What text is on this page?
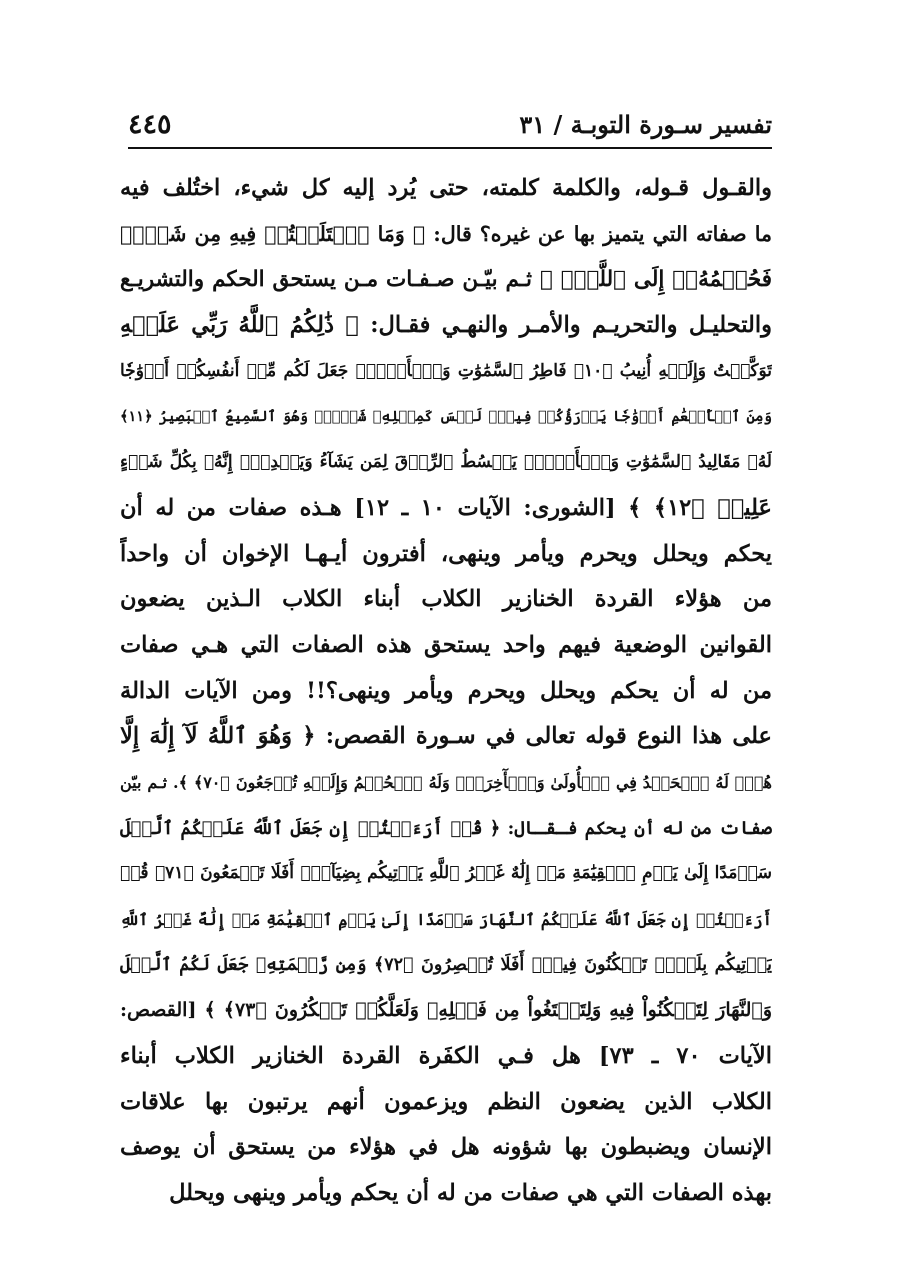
تفسير سـورة التوبـة / ٣١
٤٤٥
والقـول قـوله، والكلمة كلمته، حتى يُرد إليه كل شيء، اختُلف فيه
ما صفاته التي يتميز بها عن غيره؟ قال: ﴿ وَمَا ٱخۡتَلَفۡتُمۡ فِيهِ مِن شَيۡءٖ
فَحُكۡمُهُۥٓ إِلَى ٱللَّهِۚ ﴾ ثـم بيّـن صـفـات مـن يستحق الحكم والتشريـع
والتحليـل والتحريـم والأمـر والنهـي فقـال: ﴿ ذَٰلِكُمُ ٱللَّهُ رَبِّي عَلَيۡهِ
تَوَكَّلۡتُ وَإِلَيۡهِ أُنِيبُ ﴿١٠﴾ فَاطِرُ ٱلسَّمَٰوَٰتِ وَٱلۡأَرۡضِۚ جَعَلَ لَكُم مِّنۡ أَنفُسِكُمۡ أَزۡوَٰجٗا
وَمِنَ ٱلۡأَنۡعَٰمِ أَزۡوَٰجٗا يَذۡرَؤُكُمۡ فِيهِۚ لَيۡسَ كَمِثۡلِهِۦ شَيۡءٞۖ وَهُوَ ٱلسَّمِيعُ ٱلۡبَصِيرُ ﴿١١﴾
لَهُۥ مَقَالِيدُ ٱلسَّمَٰوَٰتِ وَٱلۡأَرۡضِۖ يَبۡسُطُ ٱلرِّزۡقَ لِمَن يَشَآءُ وَيَقۡدِرُۚ إِنَّهُۥ بِكُلِّ شَيۡءٍ
عَلِيمٞ ﴿١٢﴾ ﴾ [الشورى: الآيات ١٠ ـ ١٢] هـذه صفات من له أن
يحكم ويحلل ويحرم ويأمر وينهى، أفترون أيـهـا الإخوان أن واحداً
من هؤلاء القردة الخنازير الكلاب أبناء الكلاب الـذين يضعون
القوانين الوضعية فيهم واحد يستحق هذه الصفات التي هـي صفات
من له أن يحكم ويحلل ويحرم ويأمر وينهى؟!! ومن الآيات الدالة
على هذا النوع قوله تعالى في سـورة القصص: ﴿ وَهُوَ ٱللَّهُ لَآ إِلَٰهَ إِلَّا
هُوَۖ لَهُ ٱلۡحَمۡدُ فِي ٱلۡأُولَىٰ وَٱلۡأٓخِرَةِۖ وَلَهُ ٱلۡحُكۡمُ وَإِلَيۡهِ تُرۡجَعُونَ ﴿٧٠﴾ ﴾. ثـم بيّن
صفات من له أن يحكم فـقـال: ﴿ قُلۡ أَرَءَيۡتُمۡ إِن جَعَلَ ٱللَّهُ عَلَيۡكُمُ ٱلَّيۡلَ
سَرۡمَدًا إِلَىٰ يَوۡمِ ٱلۡقِيَٰمَةِ مَنۡ إِلَٰهٌ غَيۡرُ ٱللَّهِ يَأۡتِيكُم بِضِيَآءٍۚ أَفَلَا تَسۡمَعُونَ ﴿٧١﴾ قُلۡ
أَرَءَيۡتُمۡ إِن جَعَلَ ٱللَّهُ عَلَيۡكُمُ ٱلنَّهَارَ سَرۡمَدًا إِلَىٰ يَوۡمِ ٱلۡقِيَٰمَةِ مَنۡ إِلَٰهٌ غَيۡرُ ٱللَّهِ
يَأۡتِيكُم بِلَيۡلٖ تَسۡكُنُونَ فِيهِۚ أَفَلَا تُبۡصِرُونَ ﴿٧٢﴾ وَمِن رَّحۡمَتِهِۦ جَعَلَ لَكُمُ ٱلَّيۡلَ
وَٱلنَّهَارَ لِتَسۡكُنُواْ فِيهِ وَلِتَبۡتَغُواْ مِن فَضۡلِهِۦ وَلَعَلَّكُمۡ تَشۡكُرُونَ ﴿٧٣﴾ ﴾ [القصص:
الآيات ٧٠ ـ ٧٣] هل فـي الكفَرة القردة الخنازير الكلاب أبناء
الكلاب الذين يضعون النظم ويزعمون أنهم يرتبون بها علاقات
الإنسان ويضبطون بها شؤونه هل في هؤلاء من يستحق أن يوصف
بهذه الصفات التي هي صفات من له أن يحكم ويأمر وينهى ويحلل
